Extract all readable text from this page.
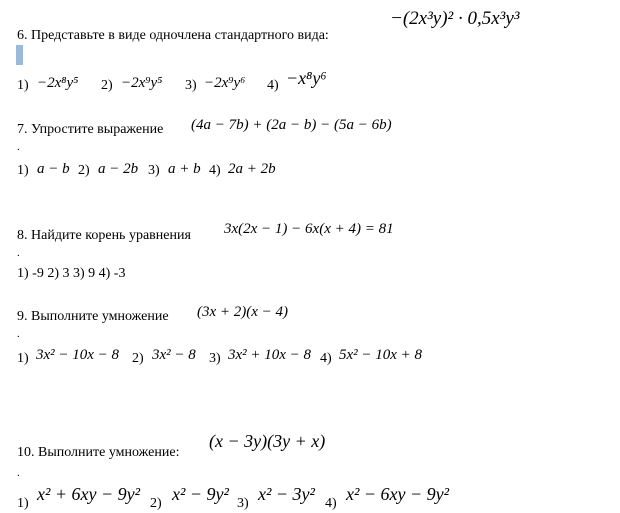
6. Представьте в виде одночлена стандартного вида:
−(2x³y)² · 0,5x³y³
1) −2x⁸y⁵ 2) −2x⁹y⁵ 3) −2x⁹y⁶ 4) −x⁸y⁶
7. Упростите выражение (4a − 7b) + (2a − b) − (5a − 6b)
.
1) a − b 2) a − 2b 3) a + b 4) 2a + 2b
8. Найдите корень уравнения 3x(2x − 1) − 6x(x + 4) = 81
.
1) -9 2) 3 3) 9 4) -3
9. Выполните умножение (3x + 2)(x − 4)
.
1) 3x² − 10x − 8 2) 3x² − 8 3) 3x² + 10x − 8 4) 5x² − 10x + 8
10. Выполните умножение:
(x − 3y)(3y + x)
.
1) x² + 6xy − 9y² 2) x² − 9y² 3) x² − 3y² 4) x² − 6xy − 9y²
